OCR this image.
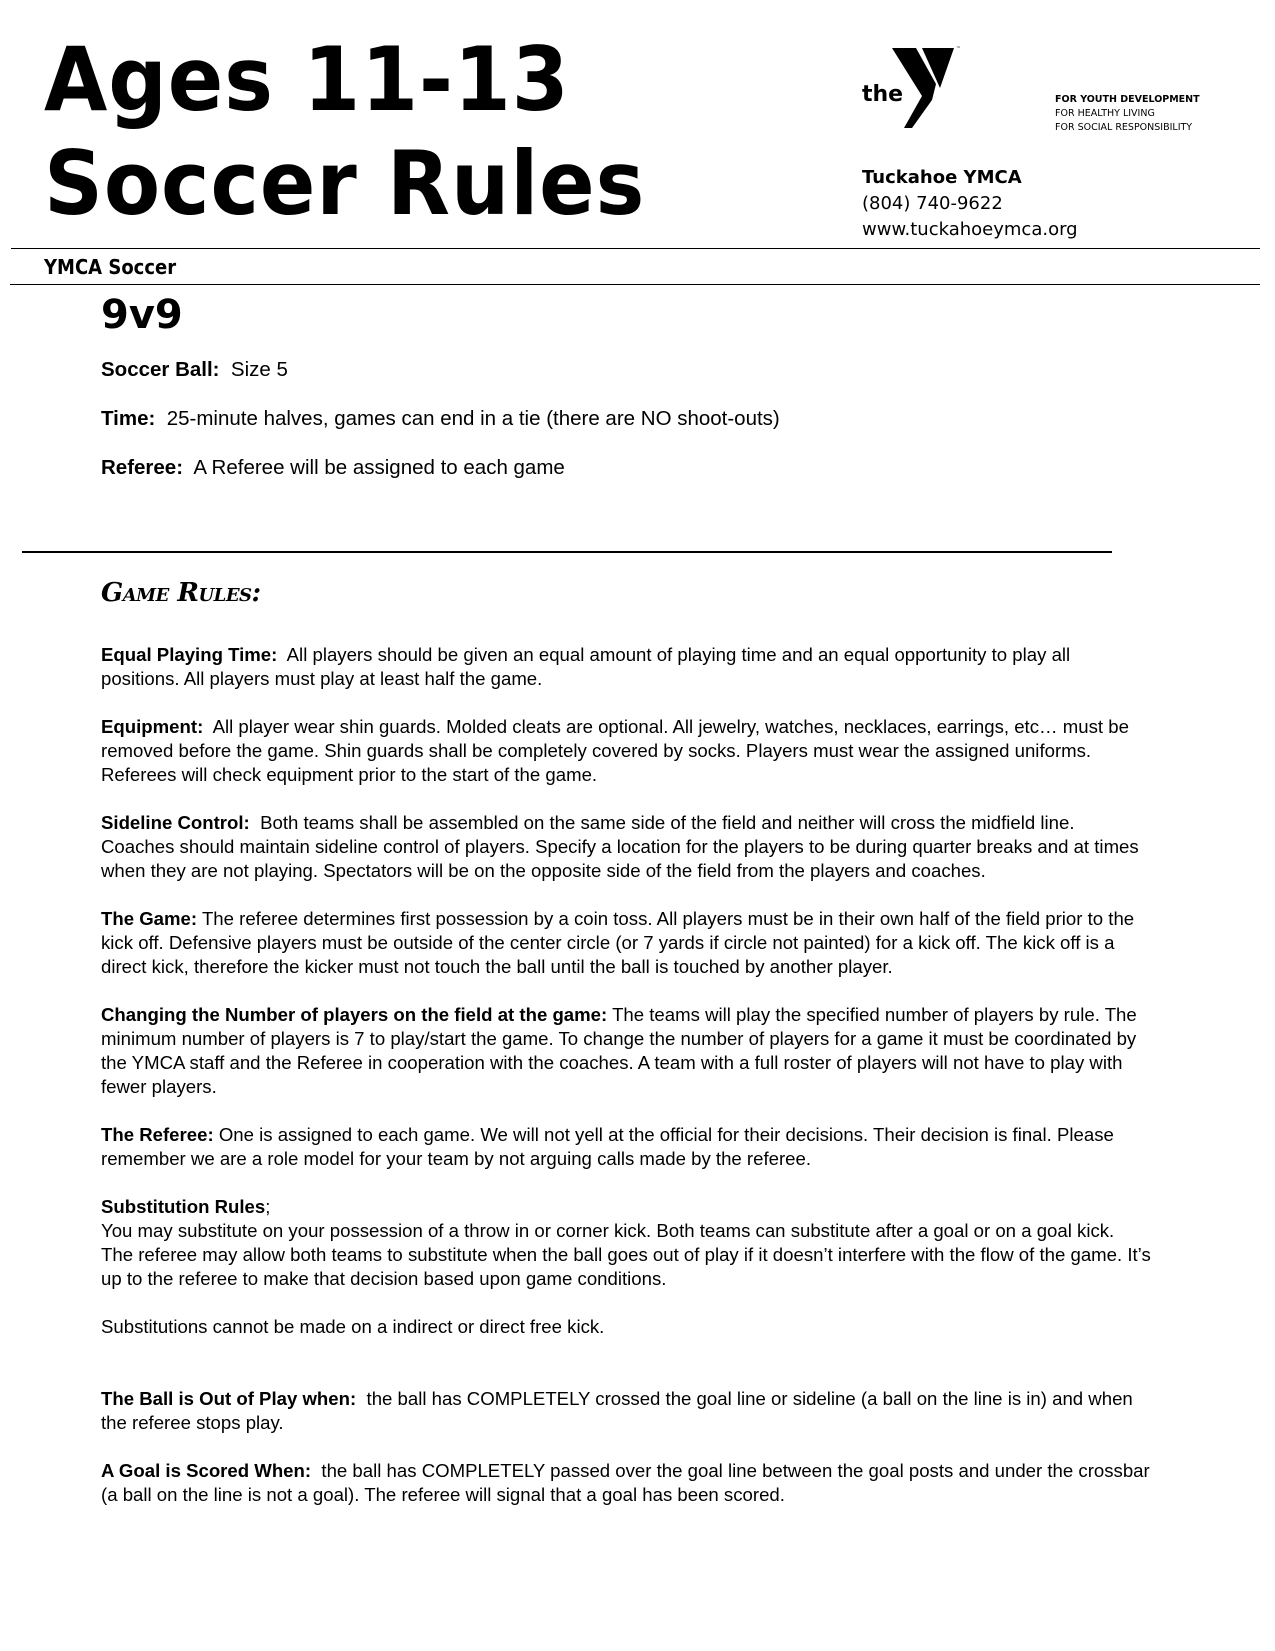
Ages 11-13
Soccer Rules
the
YMCA
™
FOR YOUTH DEVELOPMENT
FOR HEALTHY LIVING
FOR SOCIAL RESPONSIBILITY
Tuckahoe YMCA
(804) 740-9622
www.tuckahoeymca.org
YMCA Soccer
9v9
Soccer Ball: Size 5
Time: 25-minute halves, games can end in a tie (there are NO shoot-outs)
Referee: A Referee will be assigned to each game
Game Rules:

Equal Playing Time: All players should be given an equal amount of playing time and an equal opportunity to play all positions. All players must play at least half the game.

Equipment: All player wear shin guards. Molded cleats are optional. All jewelry, watches, necklaces, earrings, etc… must be removed before the game. Shin guards shall be completely covered by socks. Players must wear the assigned uniforms. Referees will check equipment prior to the start of the game.

Sideline Control: Both teams shall be assembled on the same side of the field and neither will cross the midfield line. Coaches should maintain sideline control of players. Specify a location for the players to be during quarter breaks and at times when they are not playing. Spectators will be on the opposite side of the field from the players and coaches.

The Game: The referee determines first possession by a coin toss. All players must be in their own half of the field prior to the kick off. Defensive players must be outside of the center circle (or 7 yards if circle not painted) for a kick off. The kick off is a direct kick, therefore the kicker must not touch the ball until the ball is touched by another player.

Changing the Number of players on the field at the game: The teams will play the specified number of players by rule. The minimum number of players is 7 to play/start the game. To change the number of players for a game it must be coordinated by the YMCA staff and the Referee in cooperation with the coaches. A team with a full roster of players will not have to play with fewer players.

The Referee: One is assigned to each game. We will not yell at the official for their decisions. Their decision is final. Please remember we are a role model for your team by not arguing calls made by the referee.

Substitution Rules;
You may substitute on your possession of a throw in or corner kick. Both teams can substitute after a goal or on a goal kick. The referee may allow both teams to substitute when the ball goes out of play if it doesn’t interfere with the flow of the game. It’s up to the referee to make that decision based upon game conditions.

Substitutions cannot be made on a indirect or direct free kick.

The Ball is Out of Play when: the ball has COMPLETELY crossed the goal line or sideline (a ball on the line is in) and when the referee stops play.

A Goal is Scored When: the ball has COMPLETELY passed over the goal line between the goal posts and under the crossbar (a ball on the line is not a goal). The referee will signal that a goal has been scored.
